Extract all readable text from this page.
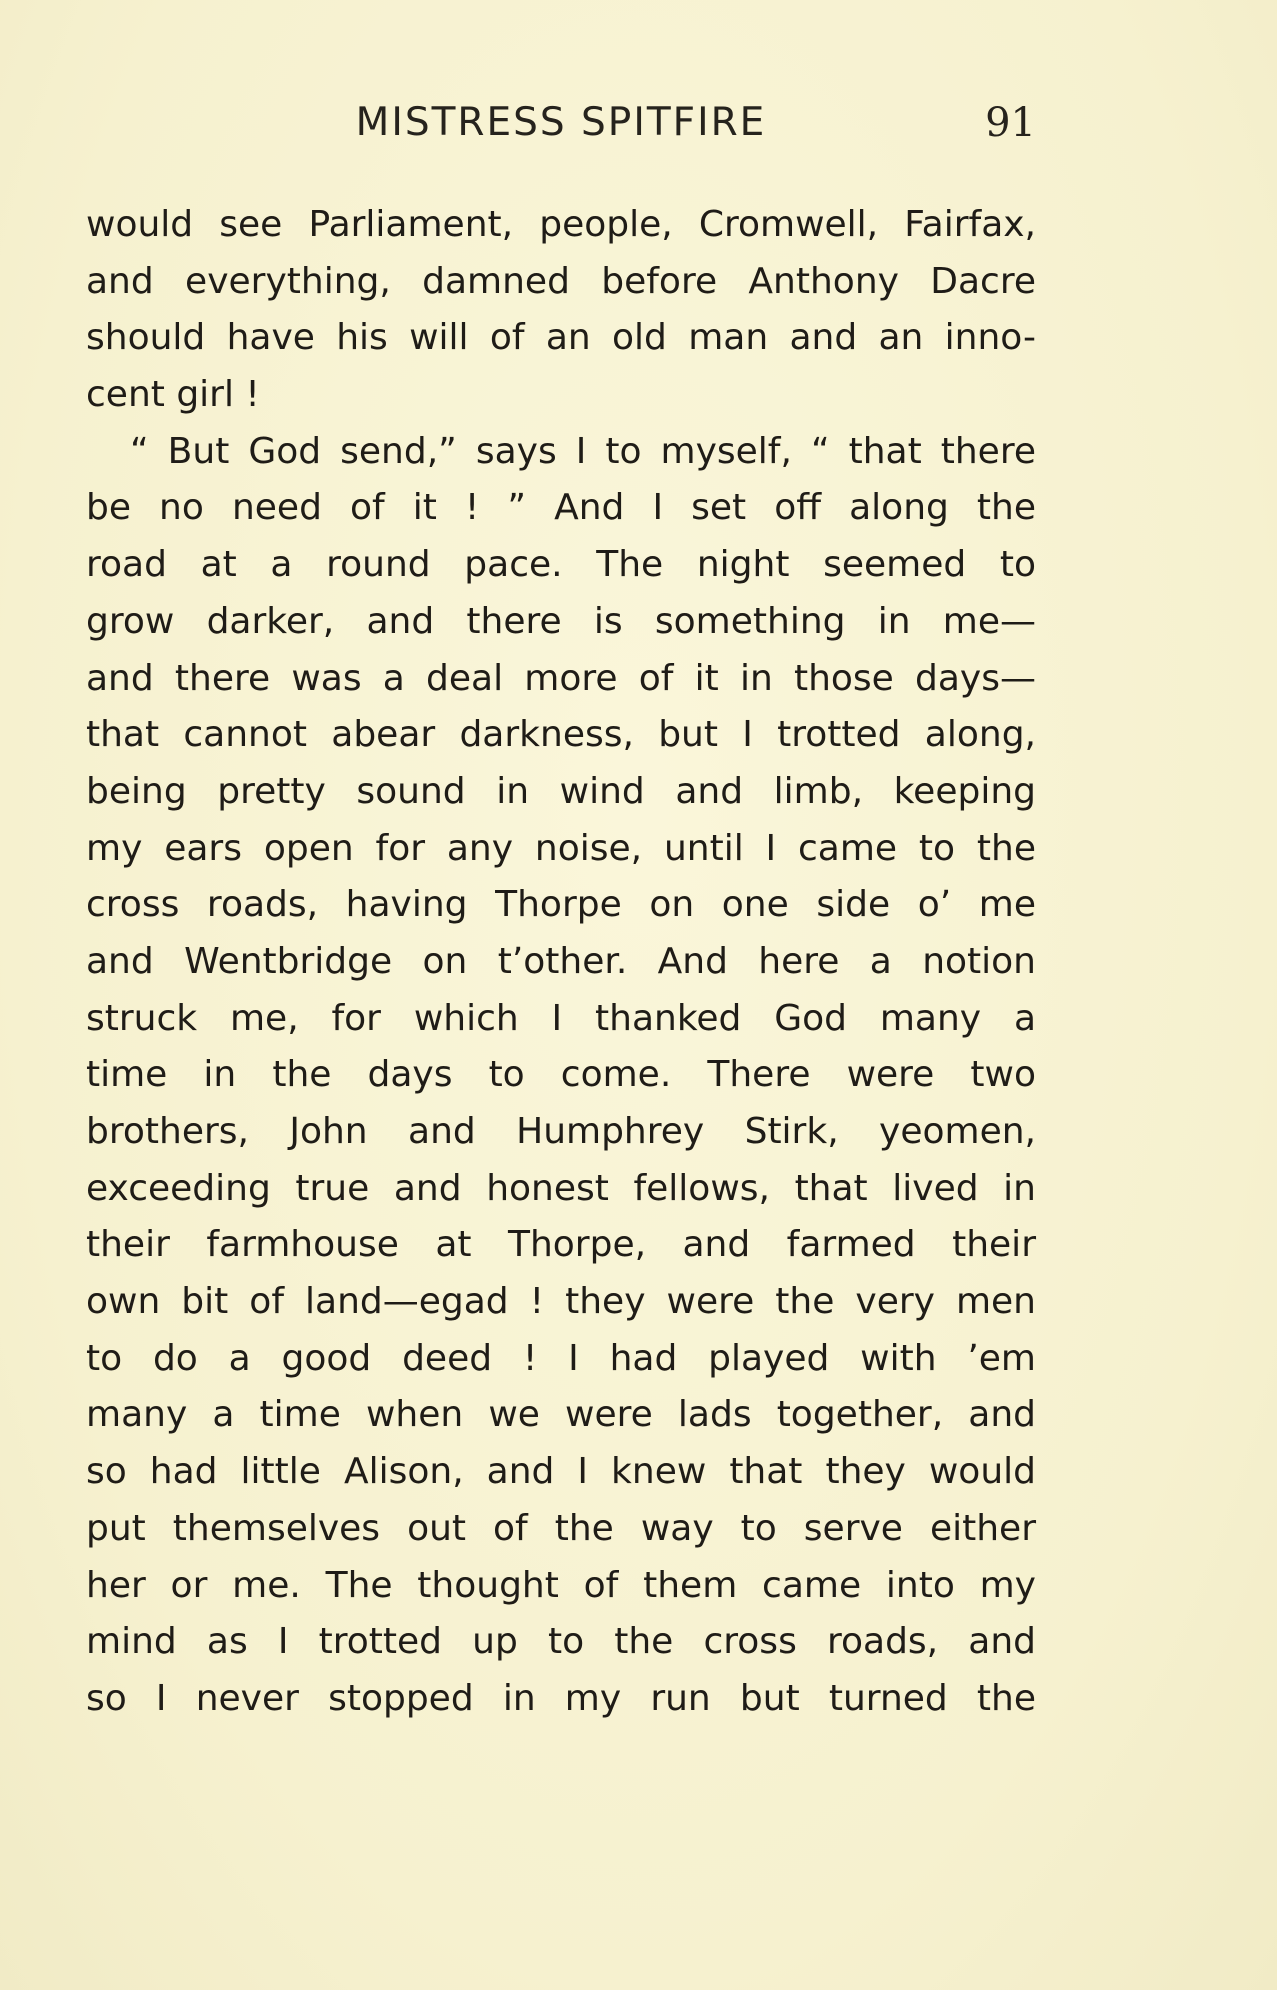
MISTRESS SPITFIRE	91
would see Parliament, people, Cromwell, Fairfax,
and everything, damned before Anthony Dacre
should have his will of an old man and an inno-
cent girl !
“ But God send,” says I to myself, “ that there
be no need of it ! ” And I set off along the
road at a round pace. The night seemed to
grow darker, and there is something in me—
and there was a deal more of it in those days—
that cannot abear darkness, but I trotted along,
being pretty sound in wind and limb, keeping
my ears open for any noise, until I came to the
cross roads, having Thorpe on one side o’ me
and Wentbridge on t’other. And here a notion
struck me, for which I thanked God many a
time in the days to come. There were two
brothers, John and Humphrey Stirk, yeomen,
exceeding true and honest fellows, that lived in
their farmhouse at Thorpe, and farmed their
own bit of land—egad ! they were the very men
to do a good deed ! I had played with ’em
many a time when we were lads together, and
so had little Alison, and I knew that they would
put themselves out of the way to serve either
her or me. The thought of them came into my
mind as I trotted up to the cross roads, and
so I never stopped in my run but turned the
